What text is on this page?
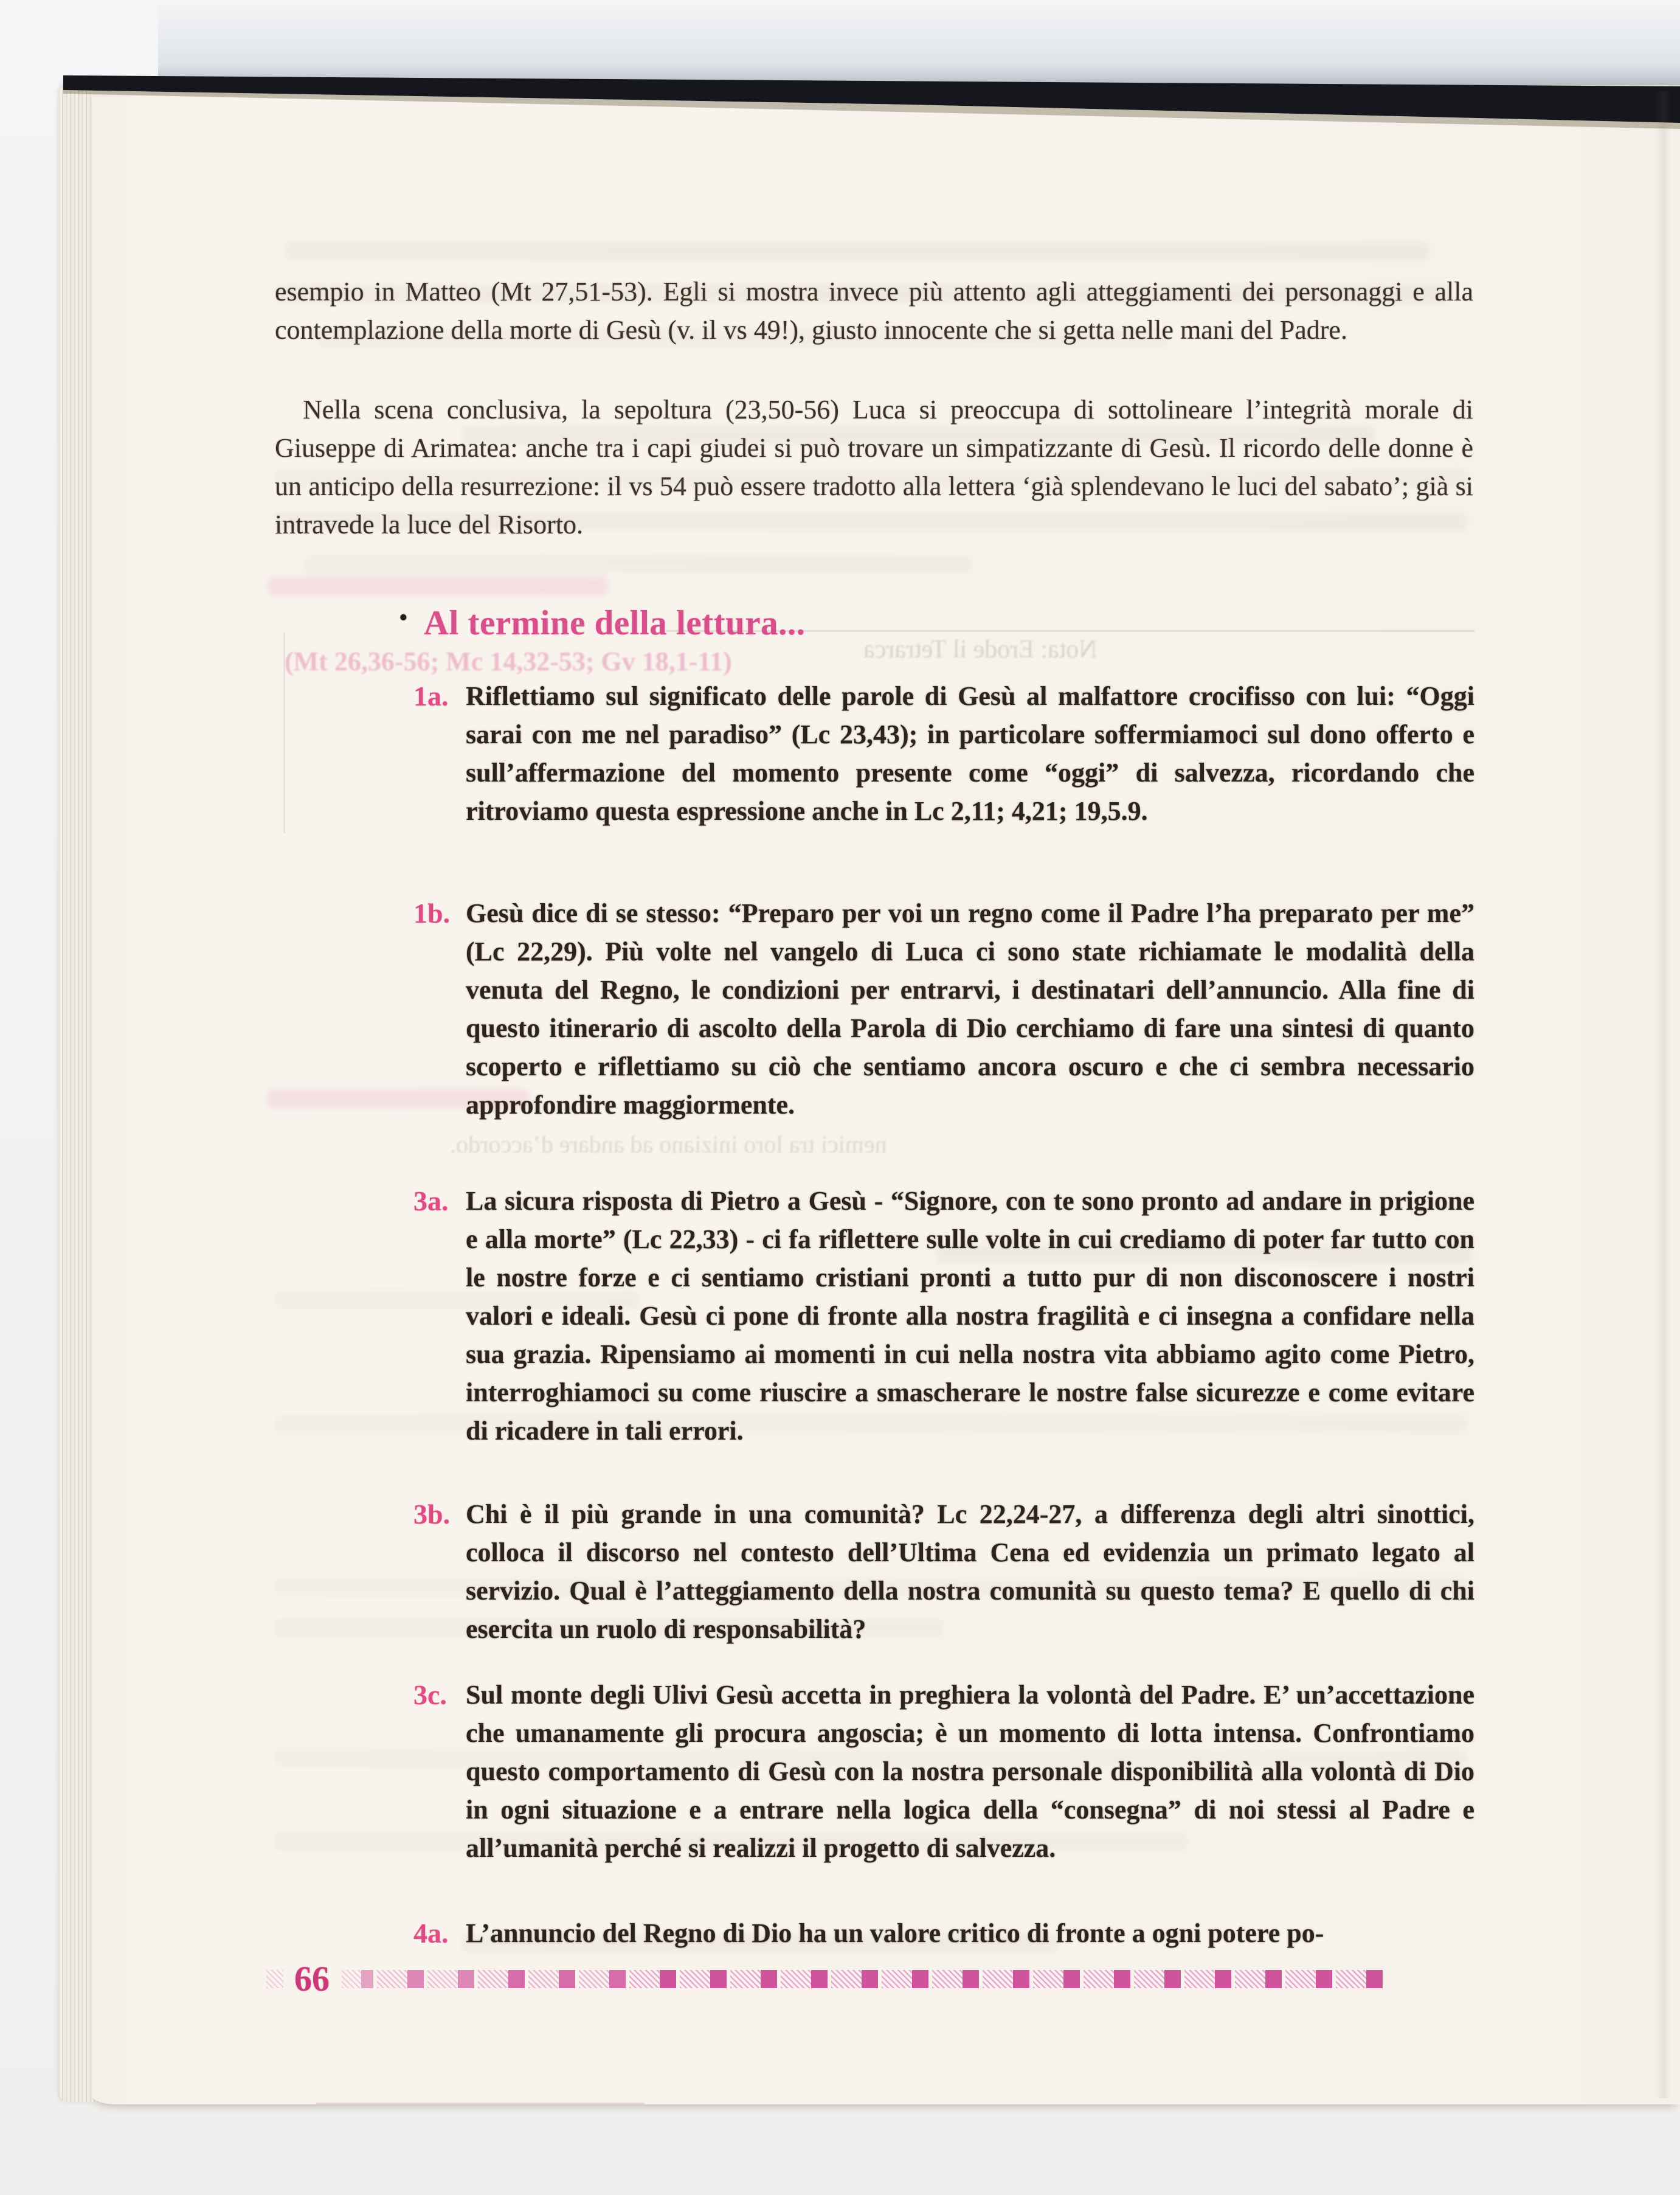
Nota: Erode il Tetrarca
(Mt 26,36-56; Mc 14,32-53; Gv 18,1-11)
nemici tra loro iniziano ad andare d’accordo.
esempio in Matteo (Mt 27,51-53). Egli si mostra invece più attento agli atteggiamenti dei personaggi e alla contemplazione della morte di Gesù (v. il vs 49!), giusto innocente che si getta nelle mani del Padre.
Nella scena conclusiva, la sepoltura (23,50-56) Luca si preoccupa di sottolineare l’integrità morale di Giuseppe di Arimatea: anche tra i capi giudei si può trovare un simpatizzante di Gesù. Il ricordo delle donne è un anticipo della resurrezione: il vs 54 può essere tradotto alla lettera ‘già splendevano le luci del sabato’; già si intravede la luce del Risorto.
• Al termine della lettura...
1a. Riflettiamo sul significato delle parole di Gesù al malfattore crocifisso con lui: “Oggi sarai con me nel paradiso” (Lc 23,43); in particolare soffermiamoci sul dono offerto e sull’affermazione del momento presente come “oggi” di salvezza, ricordando che ritroviamo questa espressione anche in Lc 2,11; 4,21; 19,5.9.
1b. Gesù dice di se stesso: “Preparo per voi un regno come il Padre l’ha preparato per me” (Lc 22,29). Più volte nel vangelo di Luca ci sono state richiamate le modalità della venuta del Regno, le condizioni per entrarvi, i destinatari dell’annuncio. Alla fine di questo itinerario di ascolto della Parola di Dio cerchiamo di fare una sintesi di quanto scoperto e riflettiamo su ciò che sentiamo ancora oscuro e che ci sembra necessario approfondire maggiormente.
3a. La sicura risposta di Pietro a Gesù - “Signore, con te sono pronto ad andare in prigione e alla morte” (Lc 22,33) - ci fa riflettere sulle volte in cui crediamo di poter far tutto con le nostre forze e ci sentiamo cristiani pronti a tutto pur di non disconoscere i nostri valori e ideali. Gesù ci pone di fronte alla nostra fragilità e ci insegna a confidare nella sua grazia. Ripensiamo ai momenti in cui nella nostra vita abbiamo agito come Pietro, interroghiamoci su come riuscire a smascherare le nostre false sicurezze e come evitare di ricadere in tali errori.
3b. Chi è il più grande in una comunità? Lc 22,24-27, a differenza degli altri sinottici, colloca il discorso nel contesto dell’Ultima Cena ed evidenzia un primato legato al servizio. Qual è l’atteggiamento della nostra comunità su questo tema? E quello di chi esercita un ruolo di responsabilità?
3c. Sul monte degli Ulivi Gesù accetta in preghiera la volontà del Padre. E’ un’accettazione che umanamente gli procura angoscia; è un momento di lotta intensa. Confrontiamo questo comportamento di Gesù con la nostra personale disponibilità alla volontà di Dio in ogni situazione e a entrare nella logica della “consegna” di noi stessi al Padre e all’umanità perché si realizzi il progetto di salvezza.
4a. L’annuncio del Regno di Dio ha un valore critico di fronte a ogni potere po-
66
